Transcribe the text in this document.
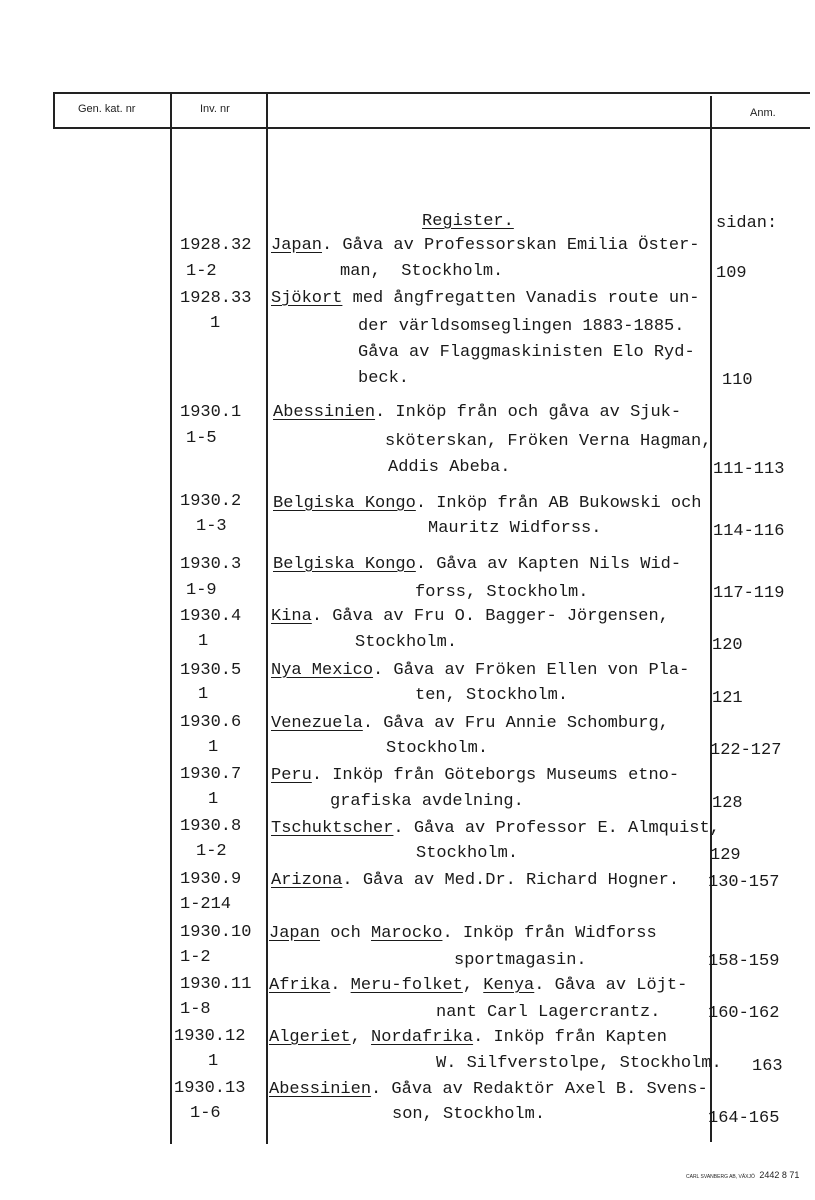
Gen. kat. nr	Inv. nr	Anm.
Register.	sidan:
1928.32
1-2
Japan. Gåva av Professorskan Emilia Öster-
man,  Stockholm.	109
1928.33
1
Sjökort med ångfregatten Vanadis route un-
der världsomseglingen 1883-1885.
Gåva av Flaggmaskinisten Elo Ryd-
beck.	110
1930.1
1-5
Abessinien. Inköp från och gåva av Sjuk-
sköterskan, Fröken Verna Hagman,
Addis Abeba.	111-113
1930.2
1-3
Belgiska Kongo. Inköp från AB Bukowski och
Mauritz Widforss.	114-116
1930.3
1-9
Belgiska Kongo. Gåva av Kapten Nils Wid-
forss, Stockholm.	117-119
1930.4
1
Kina. Gåva av Fru O. Bagger- Jörgensen,
Stockholm.	120
1930.5
1
Nya Mexico. Gåva av Fröken Ellen von Pla-
ten, Stockholm.	121
1930.6
1
Venezuela. Gåva av Fru Annie Schomburg,
Stockholm.	122-127
1930.7
1
Peru. Inköp från Göteborgs Museums etno-
grafiska avdelning.	128
1930.8
1-2
Tschuktscher. Gåva av Professor E. Almquist,
Stockholm.	129
1930.9
1-214
Arizona. Gåva av Med.Dr. Richard Hogner. 130-157
1930.10
1-2
Japan och Marocko. Inköp från Widforss
sportmagasin.	158-159
1930.11
1-8
Afrika. Meru-folket, Kenya. Gåva av Löjt-
nant Carl Lagercrantz.	160-162
1930.12
1
Algeriet, Nordafrika. Inköp från Kapten
W. Silfverstolpe, Stockholm. 163
1930.13
1-6
Abessinien. Gåva av Redaktör Axel B. Svens-
son, Stockholm.	164-165
CARL SVANBERG AB, VÄXJÖ 2442 8 71
